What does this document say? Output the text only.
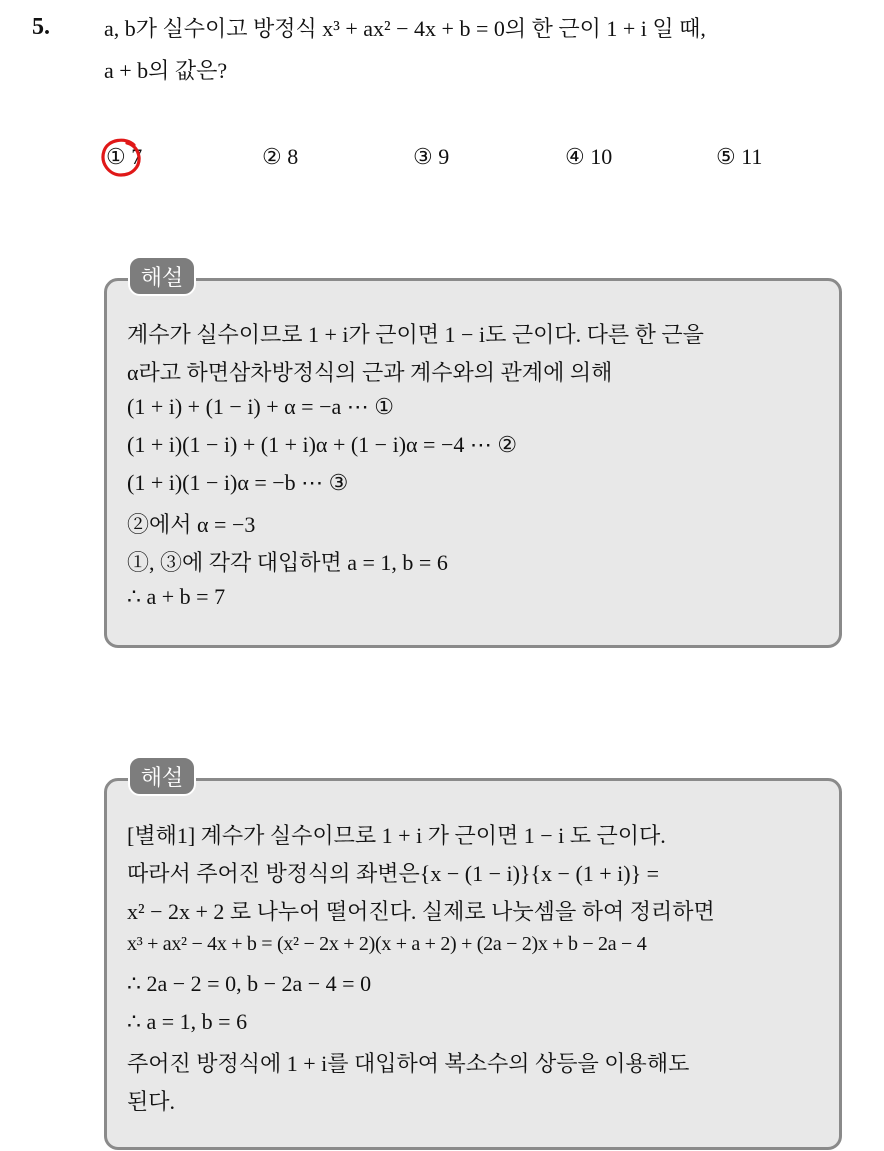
5. a, b가 실수이고 방정식 x³ + ax² − 4x + b = 0의 한 근이 1 + i 일 때,
a + b의 값은?
① 7	② 8	③ 9	④ 10	⑤ 11
계수가 실수이므로 1 + i가 근이면 1 − i도 근이다. 다른 한 근을
α라고 하면삼차방정식의 근과 계수와의 관계에 의해
(1 + i) + (1 − i) + α = −a ⋯ ①
(1 + i)(1 − i) + (1 + i)α + (1 − i)α = −4 ⋯ ②
(1 + i)(1 − i)α = −b ⋯ ③
②에서 α = −3
①, ③에 각각 대입하면 a = 1, b = 6
∴ a + b = 7
해설
[별해1] 계수가 실수이므로 1 + i 가 근이면 1 − i 도 근이다.
따라서 주어진 방정식의 좌변은{x − (1 − i)}{x − (1 + i)} =
x² − 2x + 2 로 나누어 떨어진다. 실제로 나눗셈을 하여 정리하면
x³ + ax² − 4x + b = (x² − 2x + 2)(x + a + 2) + (2a − 2)x + b − 2a − 4
∴ 2a − 2 = 0, b − 2a − 4 = 0
∴ a = 1, b = 6
주어진 방정식에 1 + i를 대입하여 복소수의 상등을 이용해도
된다.
해설
